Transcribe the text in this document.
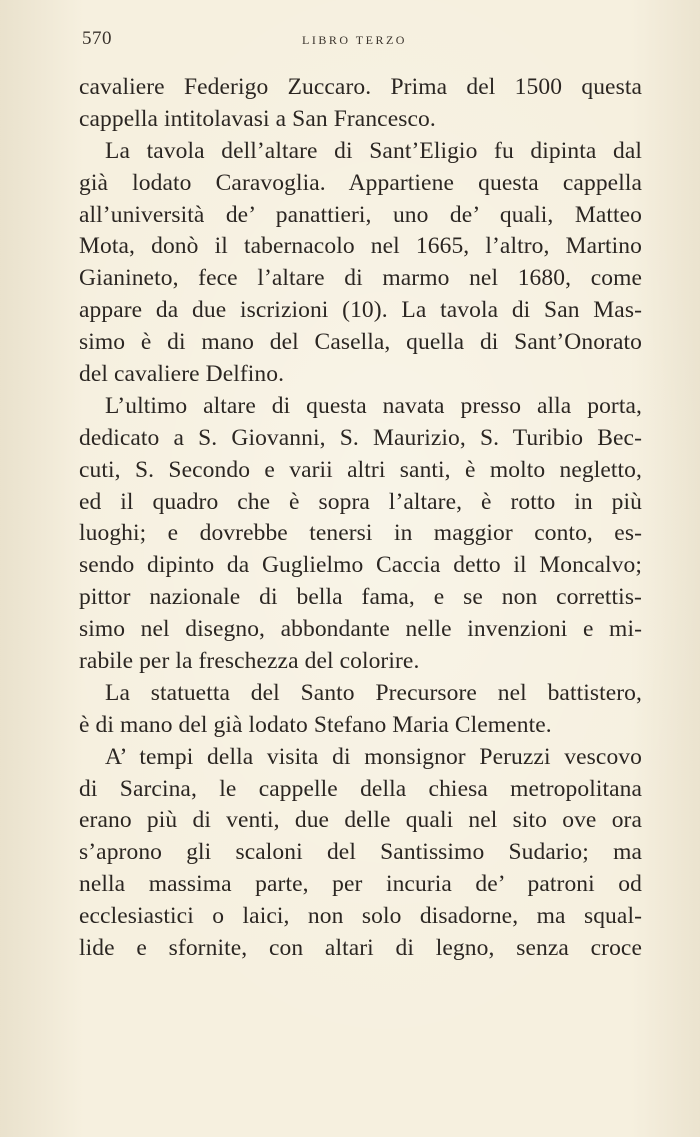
570	LIBRO TERZO
cavaliere Federigo Zuccaro. Prima del 1500 questa
cappella intitolavasi a San Francesco.
La tavola dell’altare di Sant’Eligio fu dipinta dal
già lodato Caravoglia. Appartiene questa cappella
all’università de’ panattieri, uno de’ quali, Matteo
Mota, donò il tabernacolo nel 1665, l’altro, Martino
Gianineto, fece l’altare di marmo nel 1680, come
appare da due iscrizioni (10). La tavola di San Mas-
simo è di mano del Casella, quella di Sant’Onorato
del cavaliere Delfino.
L’ultimo altare di questa navata presso alla porta,
dedicato a S. Giovanni, S. Maurizio, S. Turibio Bec-
cuti, S. Secondo e varii altri santi, è molto negletto,
ed il quadro che è sopra l’altare, è rotto in più
luoghi; e dovrebbe tenersi in maggior conto, es-
sendo dipinto da Guglielmo Caccia detto il Moncalvo;
pittor nazionale di bella fama, e se non correttis-
simo nel disegno, abbondante nelle invenzioni e mi-
rabile per la freschezza del colorire.
La statuetta del Santo Precursore nel battistero,
è di mano del già lodato Stefano Maria Clemente.
A’ tempi della visita di monsignor Peruzzi vescovo
di Sarcina, le cappelle della chiesa metropolitana
erano più di venti, due delle quali nel sito ove ora
s’aprono gli scaloni del Santissimo Sudario; ma
nella massima parte, per incuria de’ patroni od
ecclesiastici o laici, non solo disadorne, ma squal-
lide e sfornite, con altari di legno, senza croce
